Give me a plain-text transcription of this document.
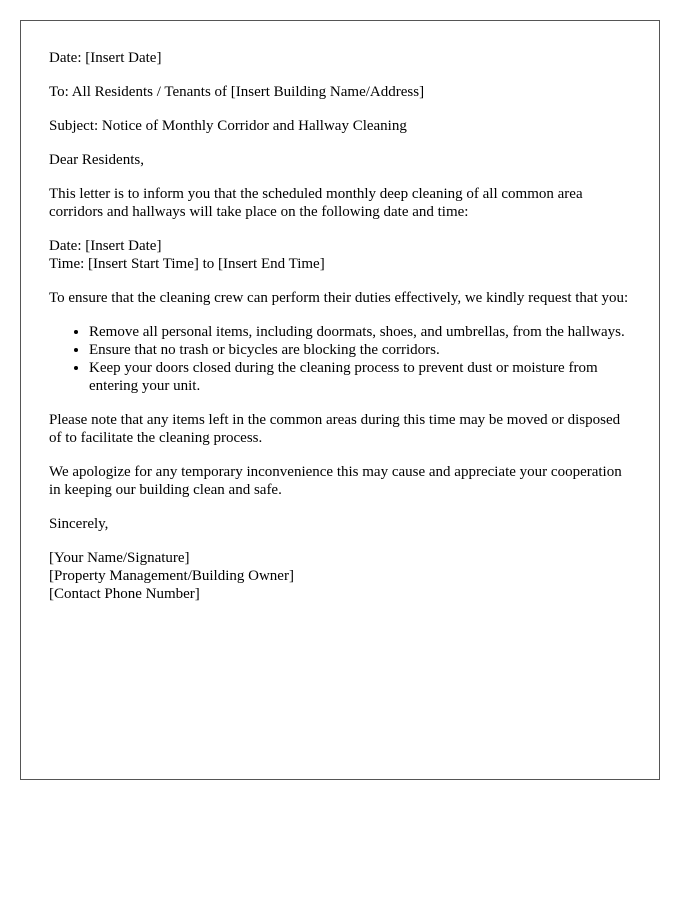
Date: [Insert Date]

To: All Residents / Tenants of [Insert Building Name/Address]

Subject: Notice of Monthly Corridor and Hallway Cleaning

Dear Residents,

This letter is to inform you that the scheduled monthly deep cleaning of all common area corridors and hallways will take place on the following date and time:

Date: [Insert Date]
Time: [Insert Start Time] to [Insert End Time]

To ensure that the cleaning crew can perform their duties effectively, we kindly request that you:

• Remove all personal items, including doormats, shoes, and umbrellas, from the hallways.
• Ensure that no trash or bicycles are blocking the corridors.
• Keep your doors closed during the cleaning process to prevent dust or moisture from entering your unit.

Please note that any items left in the common areas during this time may be moved or disposed of to facilitate the cleaning process.

We apologize for any temporary inconvenience this may cause and appreciate your cooperation in keeping our building clean and safe.

Sincerely,

[Your Name/Signature]
[Property Management/Building Owner]
[Contact Phone Number]
